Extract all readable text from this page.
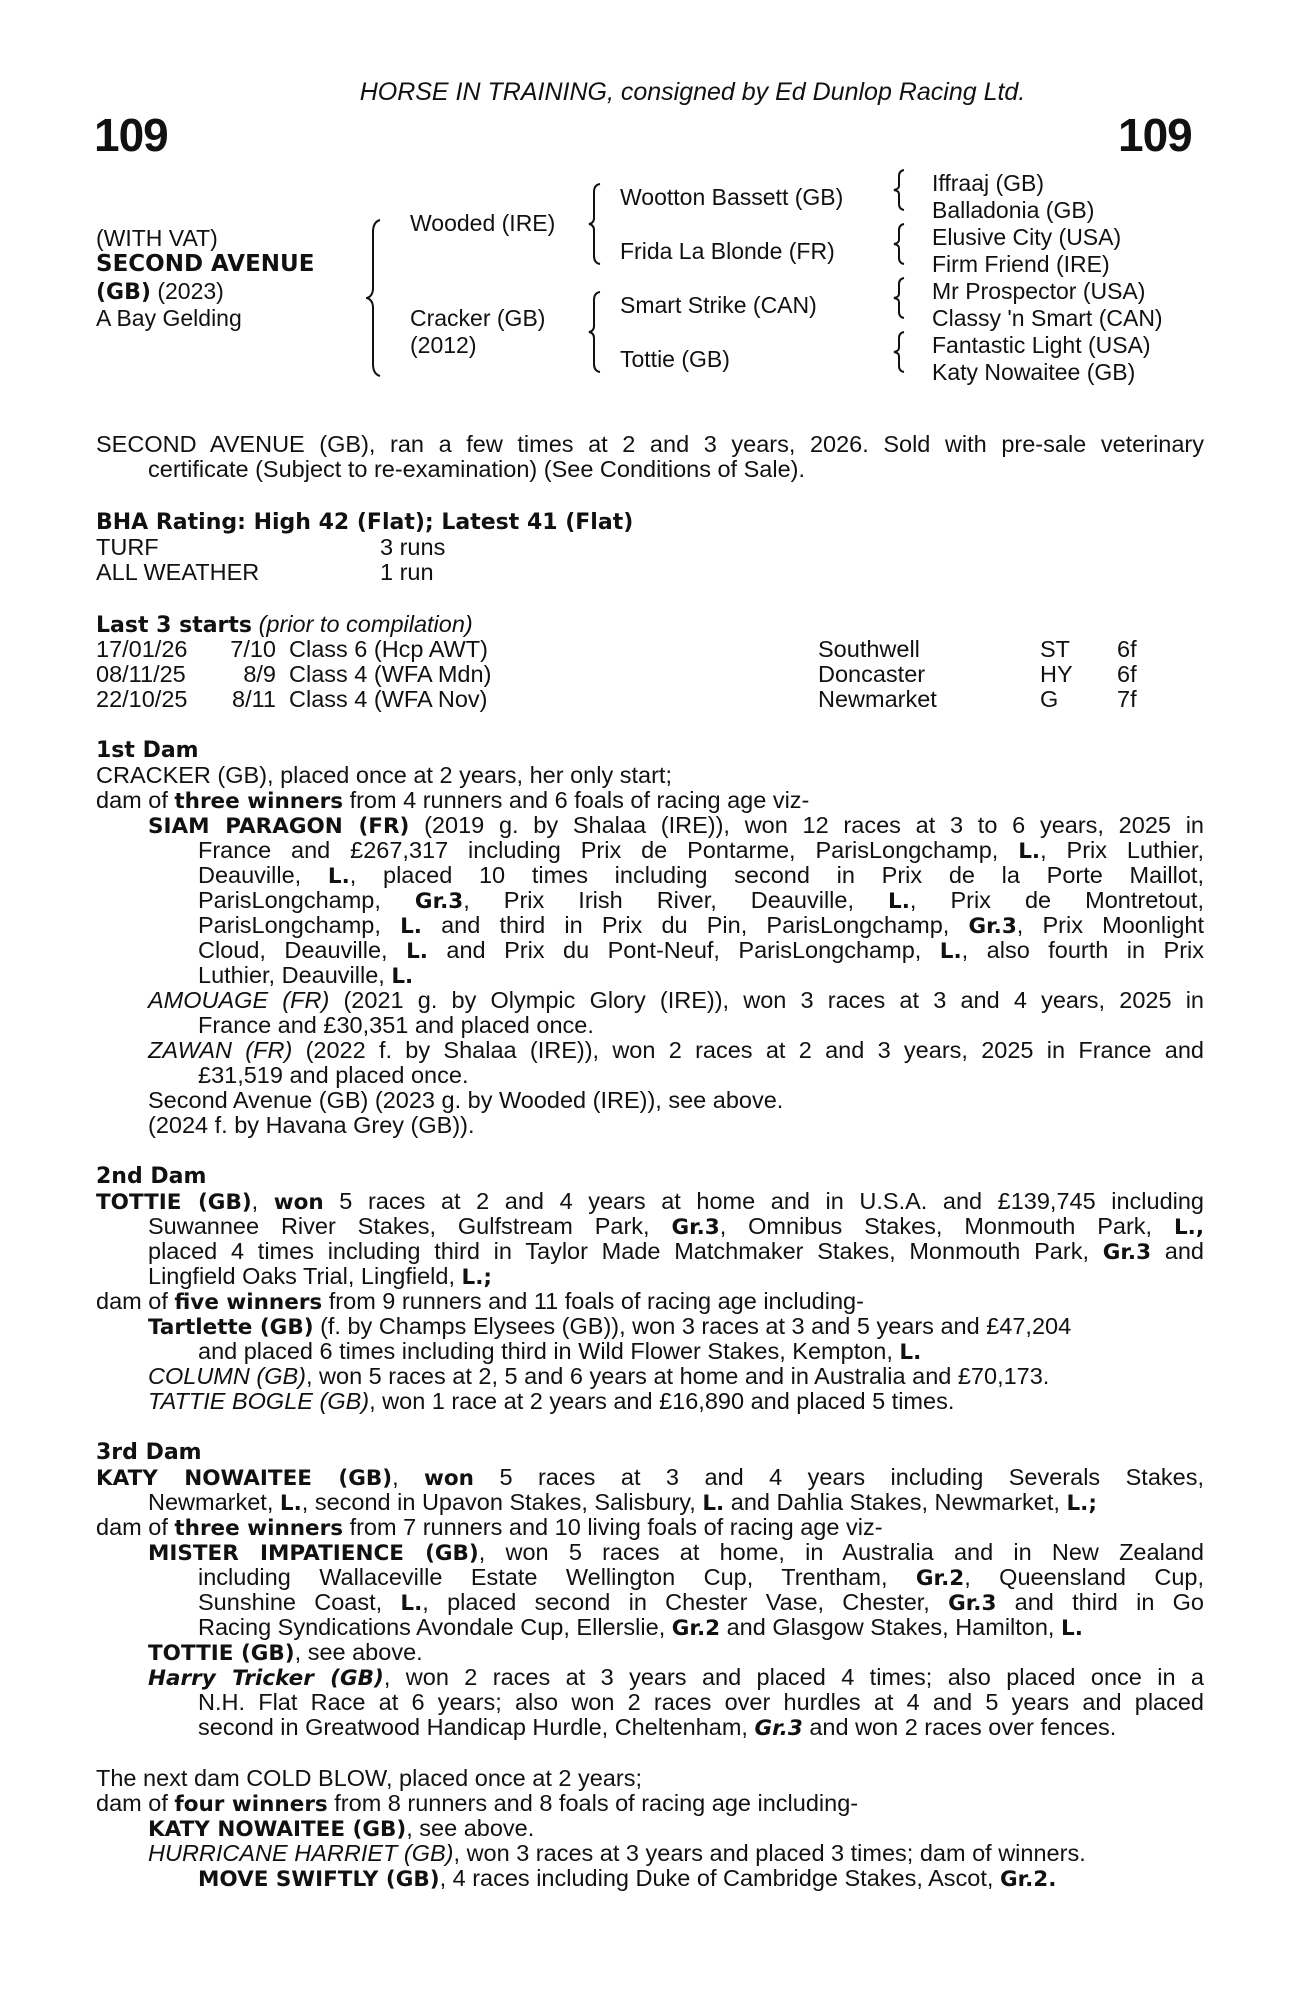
109
HORSE IN TRAINING, consigned by Ed Dunlop Racing Ltd.
109
(WITH VAT)
SECOND AVENUE
(GB) (2023)
A Bay Gelding
Wooded (IRE)
Cracker (GB)
(2012)
Wootton Bassett (GB)
Frida La Blonde (FR)
Smart Strike (CAN)
Tottie (GB)
Iffraaj (GB)
Balladonia (GB)
Elusive City (USA)
Firm Friend (IRE)
Mr Prospector (USA)
Classy 'n Smart (CAN)
Fantastic Light (USA)
Katy Nowaitee (GB)
SECOND AVENUE (GB), ran a few times at 2 and 3 years, 2026. Sold with pre-sale veterinary
certificate (Subject to re-examination) (See Conditions of Sale).
BHA Rating: High 42 (Flat); Latest 41 (Flat)
TURF	3 runs
ALL WEATHER	1 run
Last 3 starts (prior to compilation)
17/01/26	7/10 Class 6 (Hcp AWT)	Southwell	ST 6f
08/11/25	8/9 Class 4 (WFA Mdn)	Doncaster	HY 6f
22/10/25	8/11 Class 4 (WFA Nov)	Newmarket	G 7f
1st Dam
CRACKER (GB), placed once at 2 years, her only start;
dam of three winners from 4 runners and 6 foals of racing age viz-
SIAM PARAGON (FR) (2019 g. by Shalaa (IRE)), won 12 races at 3 to 6 years, 2025 in
France and £267,317 including Prix de Pontarme, ParisLongchamp, L., Prix Luthier,
Deauville, L., placed 10 times including second in Prix de la Porte Maillot,
ParisLongchamp, Gr.3, Prix Irish River, Deauville, L., Prix de Montretout,
ParisLongchamp, L. and third in Prix du Pin, ParisLongchamp, Gr.3, Prix Moonlight
Cloud, Deauville, L. and Prix du Pont-Neuf, ParisLongchamp, L., also fourth in Prix
Luthier, Deauville, L.
AMOUAGE (FR) (2021 g. by Olympic Glory (IRE)), won 3 races at 3 and 4 years, 2025 in
France and £30,351 and placed once.
ZAWAN (FR) (2022 f. by Shalaa (IRE)), won 2 races at 2 and 3 years, 2025 in France and
£31,519 and placed once.
Second Avenue (GB) (2023 g. by Wooded (IRE)), see above.
(2024 f. by Havana Grey (GB)).
2nd Dam
TOTTIE (GB), won 5 races at 2 and 4 years at home and in U.S.A. and £139,745 including
Suwannee River Stakes, Gulfstream Park, Gr.3, Omnibus Stakes, Monmouth Park, L.,
placed 4 times including third in Taylor Made Matchmaker Stakes, Monmouth Park, Gr.3 and
Lingfield Oaks Trial, Lingfield, L.;
dam of five winners from 9 runners and 11 foals of racing age including-
Tartlette (GB) (f. by Champs Elysees (GB)), won 3 races at 3 and 5 years and £47,204
and placed 6 times including third in Wild Flower Stakes, Kempton, L.
COLUMN (GB), won 5 races at 2, 5 and 6 years at home and in Australia and £70,173.
TATTIE BOGLE (GB), won 1 race at 2 years and £16,890 and placed 5 times.
3rd Dam
KATY NOWAITEE (GB), won 5 races at 3 and 4 years including Severals Stakes,
Newmarket, L., second in Upavon Stakes, Salisbury, L. and Dahlia Stakes, Newmarket, L.;
dam of three winners from 7 runners and 10 living foals of racing age viz-
MISTER IMPATIENCE (GB), won 5 races at home, in Australia and in New Zealand
including Wallaceville Estate Wellington Cup, Trentham, Gr.2, Queensland Cup,
Sunshine Coast, L., placed second in Chester Vase, Chester, Gr.3 and third in Go
Racing Syndications Avondale Cup, Ellerslie, Gr.2 and Glasgow Stakes, Hamilton, L.
TOTTIE (GB), see above.
Harry Tricker (GB), won 2 races at 3 years and placed 4 times; also placed once in a
N.H. Flat Race at 6 years; also won 2 races over hurdles at 4 and 5 years and placed
second in Greatwood Handicap Hurdle, Cheltenham, Gr.3 and won 2 races over fences.
The next dam COLD BLOW, placed once at 2 years;
dam of four winners from 8 runners and 8 foals of racing age including-
KATY NOWAITEE (GB), see above.
HURRICANE HARRIET (GB), won 3 races at 3 years and placed 3 times; dam of winners.
MOVE SWIFTLY (GB), 4 races including Duke of Cambridge Stakes, Ascot, Gr.2.
